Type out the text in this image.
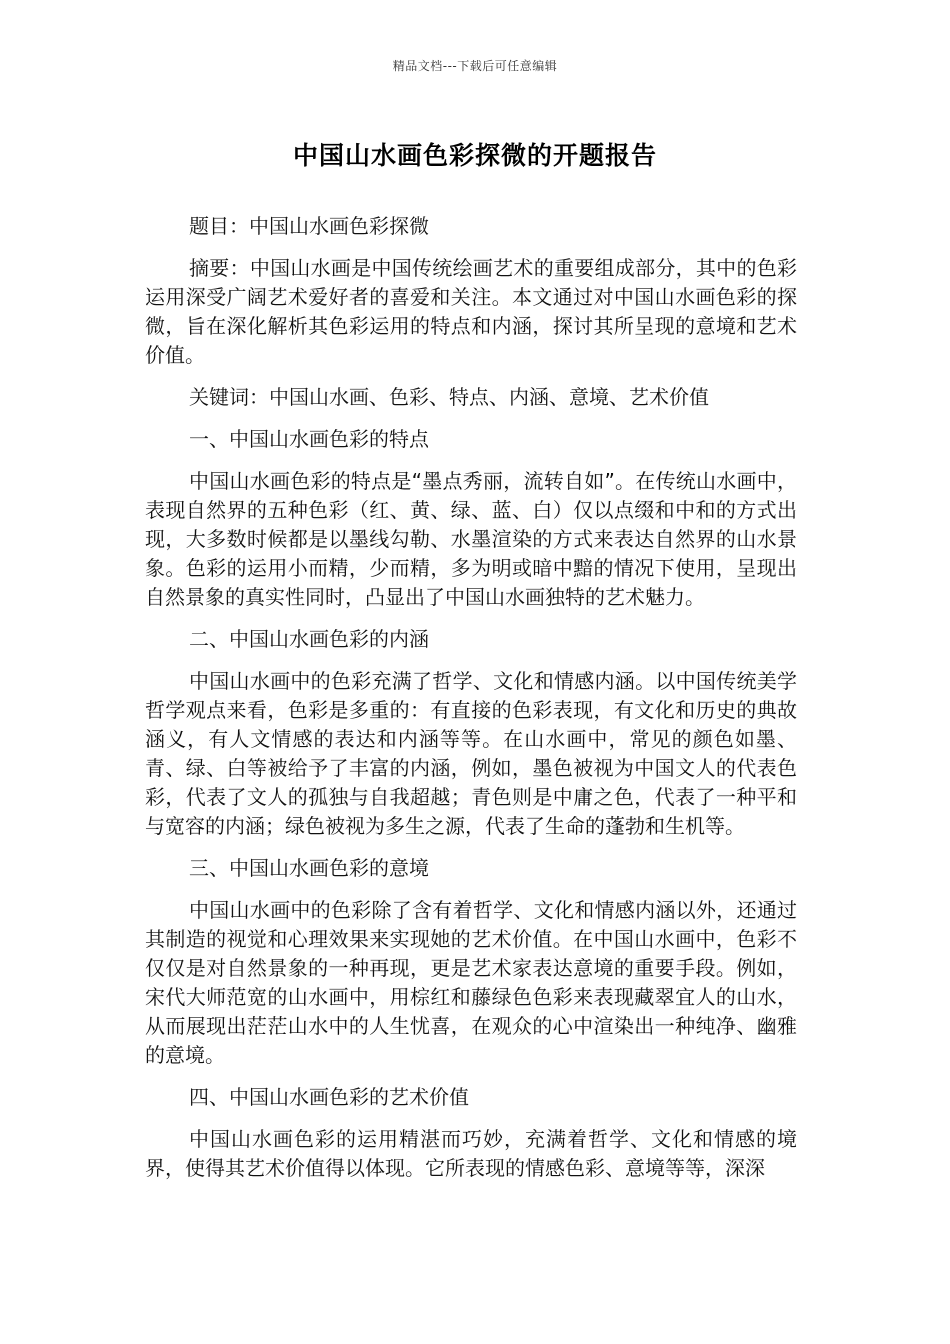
精品文档---下载后可任意编辑
中国山水画色彩探微的开题报告

题目：中国山水画色彩探微

摘要：中国山水画是中国传统绘画艺术的重要组成部分，其中的色彩运用深受广阔艺术爱好者的喜爱和关注。本文通过对中国山水画色彩的探微，旨在深化解析其色彩运用的特点和内涵，探讨其所呈现的意境和艺术价值。

关键词：中国山水画、色彩、特点、内涵、意境、艺术价值

一、中国山水画色彩的特点

中国山水画色彩的特点是“墨点秀丽，流转自如”。在传统山水画中，表现自然界的五种色彩（红、黄、绿、蓝、白）仅以点缀和中和的方式出现，大多数时候都是以墨线勾勒、水墨渲染的方式来表达自然界的山水景象。色彩的运用小而精，少而精，多为明或暗中黯的情况下使用，呈现出自然景象的真实性同时，凸显出了中国山水画独特的艺术魅力。

二、中国山水画色彩的内涵

中国山水画中的色彩充满了哲学、文化和情感内涵。以中国传统美学哲学观点来看，色彩是多重的：有直接的色彩表现，有文化和历史的典故涵义，有人文情感的表达和内涵等等。在山水画中，常见的颜色如墨、青、绿、白等被给予了丰富的内涵，例如，墨色被视为中国文人的代表色彩，代表了文人的孤独与自我超越；青色则是中庸之色，代表了一种平和与宽容的内涵；绿色被视为多生之源，代表了生命的蓬勃和生机等。

三、中国山水画色彩的意境

中国山水画中的色彩除了含有着哲学、文化和情感内涵以外，还通过其制造的视觉和心理效果来实现她的艺术价值。在中国山水画中，色彩不仅仅是对自然景象的一种再现，更是艺术家表达意境的重要手段。例如，宋代大师范宽的山水画中，用棕红和藤绿色色彩来表现藏翠宜人的山水，从而展现出茫茫山水中的人生忧喜，在观众的心中渲染出一种纯净、幽雅的意境。

四、中国山水画色彩的艺术价值

中国山水画色彩的运用精湛而巧妙，充满着哲学、文化和情感的境界，使得其艺术价值得以体现。它所表现的情感色彩、意境等等，深深
